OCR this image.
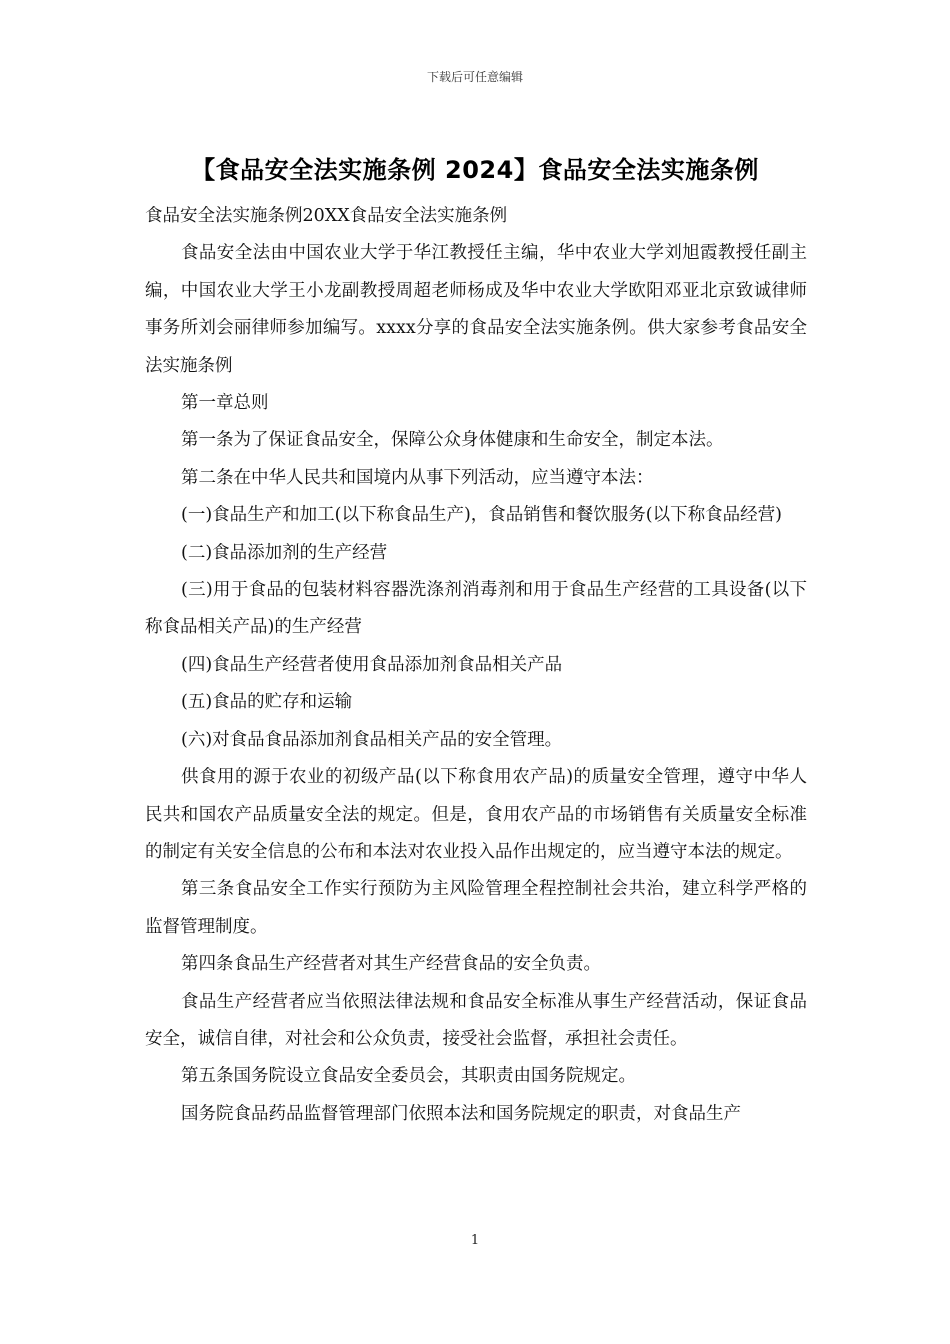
下载后可任意编辑
【食品安全法实施条例 2024】食品安全法实施条例

食品安全法实施条例20XX食品安全法实施条例

食品安全法由中国农业大学于华江教授任主编，华中农业大学刘旭霞教授任副主编，中国农业大学王小龙副教授周超老师杨成及华中农业大学欧阳邓亚北京致诚律师事务所刘会丽律师参加编写。xxxx分享的食品安全法实施条例。供大家参考食品安全法实施条例

第一章总则

第一条为了保证食品安全，保障公众身体健康和生命安全，制定本法。

第二条在中华人民共和国境内从事下列活动，应当遵守本法：

(一)食品生产和加工(以下称食品生产)，食品销售和餐饮服务(以下称食品经营)

(二)食品添加剂的生产经营

(三)用于食品的包装材料容器洗涤剂消毒剂和用于食品生产经营的工具设备(以下称食品相关产品)的生产经营

(四)食品生产经营者使用食品添加剂食品相关产品

(五)食品的贮存和运输

(六)对食品食品添加剂食品相关产品的安全管理。

供食用的源于农业的初级产品(以下称食用农产品)的质量安全管理，遵守中华人民共和国农产品质量安全法的规定。但是，食用农产品的市场销售有关质量安全标准的制定有关安全信息的公布和本法对农业投入品作出规定的，应当遵守本法的规定。

第三条食品安全工作实行预防为主风险管理全程控制社会共治，建立科学严格的监督管理制度。

第四条食品生产经营者对其生产经营食品的安全负责。

食品生产经营者应当依照法律法规和食品安全标准从事生产经营活动，保证食品安全，诚信自律，对社会和公众负责，接受社会监督，承担社会责任。

第五条国务院设立食品安全委员会，其职责由国务院规定。

国务院食品药品监督管理部门依照本法和国务院规定的职责，对食品生产

1
